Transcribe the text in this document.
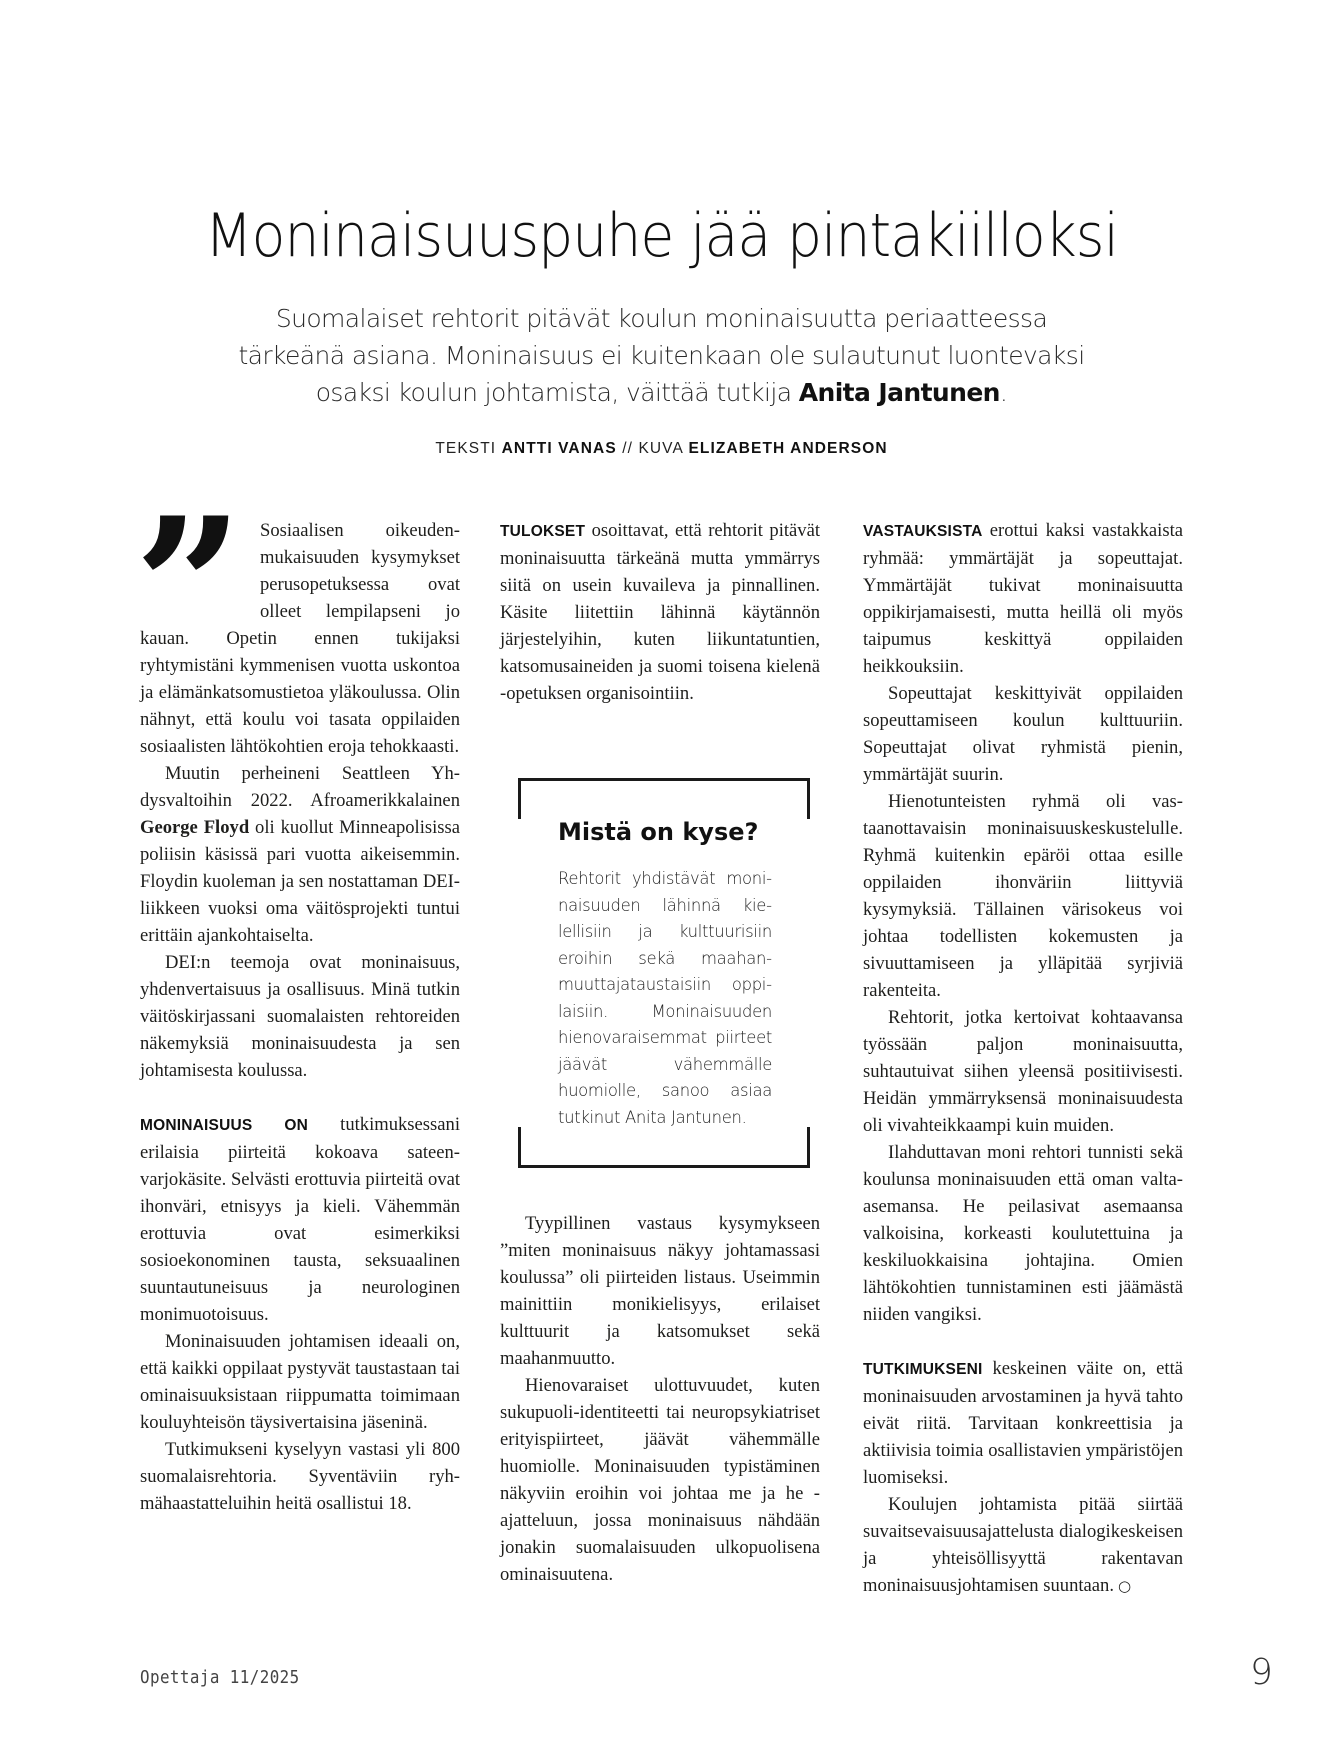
Moninaisuuspuhe jää pintakiilloksi

Suomalaiset rehtorit pitävät koulun moninaisuutta periaatteessa tärkeänä asiana. Moninaisuus ei kuitenkaan ole sulautunut luontevaksi osaksi koulun johtamista, väittää tutkija Anita Jantunen.

TEKSTI ANTTI VANAS // KUVA ELIZABETH ANDERSON

”	Sosiaalisen oikeudenmukaisuuden kysymykset perusopetuksessa ovat olleet lempilapseni jo kauan. Opetin ennen tukijaksi ryhtymistäni kymmenisen vuotta uskontoa ja elämänkatsomustietoa yläkoulussa. Olin nähnyt, että koulu voi tasata oppilaiden sosiaalisten lähtökohtien eroja tehokkaasti.

Muutin perheineni Seattleen Yhdysvaltoihin 2022. Afroamerikkalainen George Floyd oli kuollut Minneapolisissa poliisin käsissä pari vuotta aikeisemmin. Floydin kuoleman ja sen nostattaman DEI-liikkeen vuoksi oma väitösprojekti tuntui erittäin ajankohtaiselta.

DEI:n teemoja ovat moninaisuus, yhdenvertaisuus ja osallisuus. Minä tutkin väitöskirjassani suomalaisten rehtoreiden näkemyksiä moninaisuudesta ja sen johtamisesta koulussa.

MONINAISUUS ON tutkimuksessani erilaisia piirteitä kokoava sateenvarjokäsite. Selvästi erottuvia piirteitä ovat ihonväri, etnisyys ja kieli. Vähemmän erottuvia ovat esimerkiksi sosioekonominen tausta, seksuaalinen suuntautuneisuus ja neurologinen monimuotoisuus.

Moninaisuuden johtamisen ideaali on, että kaikki oppilaat pystyvät taustastaan tai ominaisuuksistaan riippumatta toimimaan kouluyhteisön täysivertaisina jäseninä.

Tutkimukseni kyselyyn vastasi yli 800 suomalaisrehtoria. Syventäviin ryhmähaastatteluihin heitä osallistui 18.

TULOKSET osoittavat, että rehtorit pitävät moninaisuutta tärkeänä mutta ymmärrys siitä on usein kuvaileva ja pinnallinen. Käsite liitettiin lähinnä käytännön järjestelyihin, kuten liikuntatuntien, katsomusaineiden ja suomi toisena kielenä -opetuksen organisointiin.

Mistä on kyse?

Rehtorit yhdistävät moninaisuuden lähinnä kielellisiin ja kulttuurisiin eroihin sekä maahanmuuttajataustaisiin oppilaisiin. Moninaisuuden hienovaraisemmat piirteet jäävät vähemmälle huomiolle, sanoo asiaa tutkinut Anita Jantunen.

Tyypillinen vastaus kysymykseen ”miten moninaisuus näkyy johtamassasi koulussa” oli piirteiden listaus. Useimmin mainittiin monikielisyys, erilaiset kulttuurit ja katsomukset sekä maahanmuutto.

Hienovaraiset ulottuvuudet, kuten sukupuoli-identiteetti tai neuropsykiatriset erityispiirteet, jäävät vähemmälle huomiolle. Moninaisuuden typistäminen näkyviin eroihin voi johtaa me ja he -ajatteluun, jossa moninaisuus nähdään jonakin suomalaisuuden ulkopuolisena ominaisuutena.

VASTAUKSISTA erottui kaksi vastakkaista ryhmää: ymmärtäjät ja sopeuttajat. Ymmärtäjät tukivat moninaisuutta oppikirjamaisesti, mutta heillä oli myös taipumus keskittyä oppilaiden heikkouksiin.

Sopeuttajat keskittyivät oppilaiden sopeuttamiseen koulun kulttuuriin. Sopeuttajat olivat ryhmistä pienin, ymmärtäjät suurin.

Hienotunteisten ryhmä oli vastaanottavaisin moninaisuuskeskustelulle. Ryhmä kuitenkin epäröi ottaa esille oppilaiden ihonväriin liittyviä kysymyksiä. Tällainen värisokeus voi johtaa todellisten kokemusten ja sivuuttamiseen ja ylläpitää syrjiviä rakenteita.

Rehtorit, jotka kertoivat kohtaavansa työssään paljon moninaisuutta, suhtautuivat siihen yleensä positiivisesti. Heidän ymmärryksensä moninaisuudesta oli vivahteikkaampi kuin muiden.

Ilahduttavan moni rehtori tunnisti sekä koulunsa moninaisuuden että oman valta-asemansa. He peilasivat asemaansa valkoisina, korkeasti koulutettuina ja keskiluokkaisina johtajina. Omien lähtökohtien tunnistaminen esti jäämästä niiden vangiksi.

TUTKIMUKSENI keskeinen väite on, että moninaisuuden arvostaminen ja hyvä tahto eivät riitä. Tarvitaan konkreettisia ja aktiivisia toimia osallistavien ympäristöjen luomiseksi.

Koulujen johtamista pitää siirtää suvaitsevaisuusajattelusta dialogikeskeisen ja yhteisöllisyyttä rakentavan moninaisuusjohtamisen suuntaan. ○

Opettaja 11/2025	9
